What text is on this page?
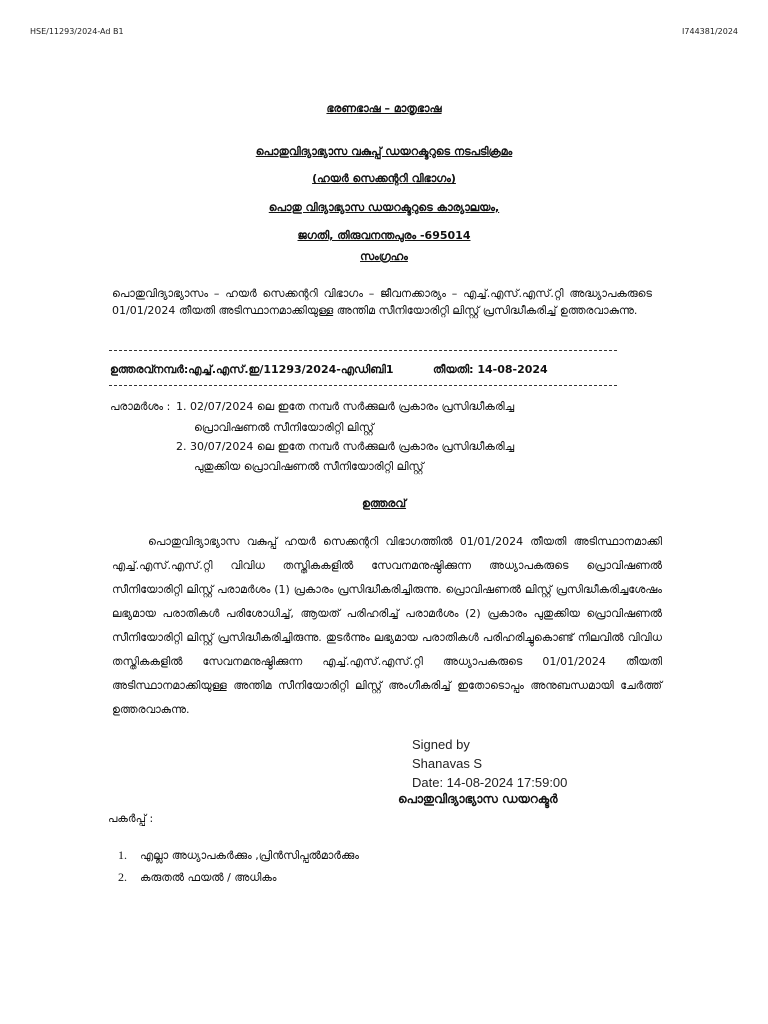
HSE/11293/2024-Ad B1	I744381/2024
ഭരണഭാഷ – മാതൃഭാഷ
പൊതുവിദ്യാഭ്യാസ വകുപ്പ് ഡയറക്ടറുടെ നടപടിക്രമം
(ഹയർ സെക്കന്ററി വിഭാഗം)
പൊതു വിദ്യാഭ്യാസ ഡയറക്ടറുടെ കാര്യാലയം,
ജഗതി, തിരുവനന്തപുരം -695014
സംഗ്രഹം
പൊതുവിദ്യാഭ്യാസം – ഹയർ സെക്കന്ററി വിഭാഗം – ജീവനക്കാര്യം – എച്ച്.എസ്.എസ്.റ്റി അദ്ധ്യാപകരുടെ 01/01/2024 തീയതി അടിസ്ഥാനമാക്കിയുള്ള അന്തിമ സീനിയോരിറ്റി ലിസ്റ്റ് പ്രസിദ്ധീകരിച്ച് ഉത്തരവാകുന്നു.
ഉത്തരവ്നമ്പർ:എച്ച്.എസ്.ഇ/11293/2024-എഡിബി1	തീയതി: 14-08-2024
പരാമർശം : 1. 02/07/2024 ലെ ഇതേ നമ്പർ സർക്കുലർ പ്രകാരം പ്രസിദ്ധീകരിച്ച
പ്രൊവിഷണൽ സീനിയോരിറ്റി ലിസ്റ്റ്
2. 30/07/2024 ലെ ഇതേ നമ്പർ സർക്കുലർ പ്രകാരം പ്രസിദ്ധീകരിച്ച
പുതുക്കിയ പ്രൊവിഷണൽ സീനിയോരിറ്റി ലിസ്റ്റ്
ഉത്തരവ്
പൊതുവിദ്യാഭ്യാസ വകുപ്പ് ഹയർ സെക്കന്ററി വിഭാഗത്തിൽ 01/01/2024 തീയതി അടിസ്ഥാനമാക്കി എച്ച്.എസ്.എസ്.റ്റി വിവിധ തസ്തികകളിൽ സേവനമനുഷ്ഠിക്കുന്ന അധ്യാപകരുടെ പ്രൊവിഷണൽ സീനിയോരിറ്റി ലിസ്റ്റ് പരാമർശം (1) പ്രകാരം പ്രസിദ്ധീകരിച്ചിരുന്നു. പ്രൊവിഷണൽ ലിസ്റ്റ് പ്രസിദ്ധീകരിച്ചശേഷം ലഭ്യമായ പരാതികൾ പരിശോധിച്ച്, ആയത് പരിഹരിച്ച് പരാമർശം (2) പ്രകാരം പുതുക്കിയ പ്രൊവിഷണൽ സീനിയോരിറ്റി ലിസ്റ്റ് പ്രസിദ്ധീകരിച്ചിരുന്നു. തുടർന്നും ലഭ്യമായ പരാതികൾ പരിഹരിച്ചുകൊണ്ട് നിലവിൽ വിവിധ തസ്തികകളിൽ സേവനമനുഷ്ഠിക്കുന്ന എച്ച്.എസ്.എസ്.റ്റി അധ്യാപകരുടെ 01/01/2024 തീയതി അടിസ്ഥാനമാക്കിയുള്ള അന്തിമ സീനിയോരിറ്റി ലിസ്റ്റ് അംഗീകരിച്ച് ഇതോടൊപ്പം അനുബന്ധമായി ചേർത്ത് ഉത്തരവാകുന്നു.
Signed by
Shanavas S
Date: 14-08-2024 17:59:00
പൊതുവിദ്യാഭ്യാസ ഡയറക്ടർ
പകർപ്പ് :
1. എല്ലാ അധ്യാപകർക്കും ,പ്രിൻസിപ്പൽമാർക്കും
2. കരുതൽ ഫയൽ / അധികം
